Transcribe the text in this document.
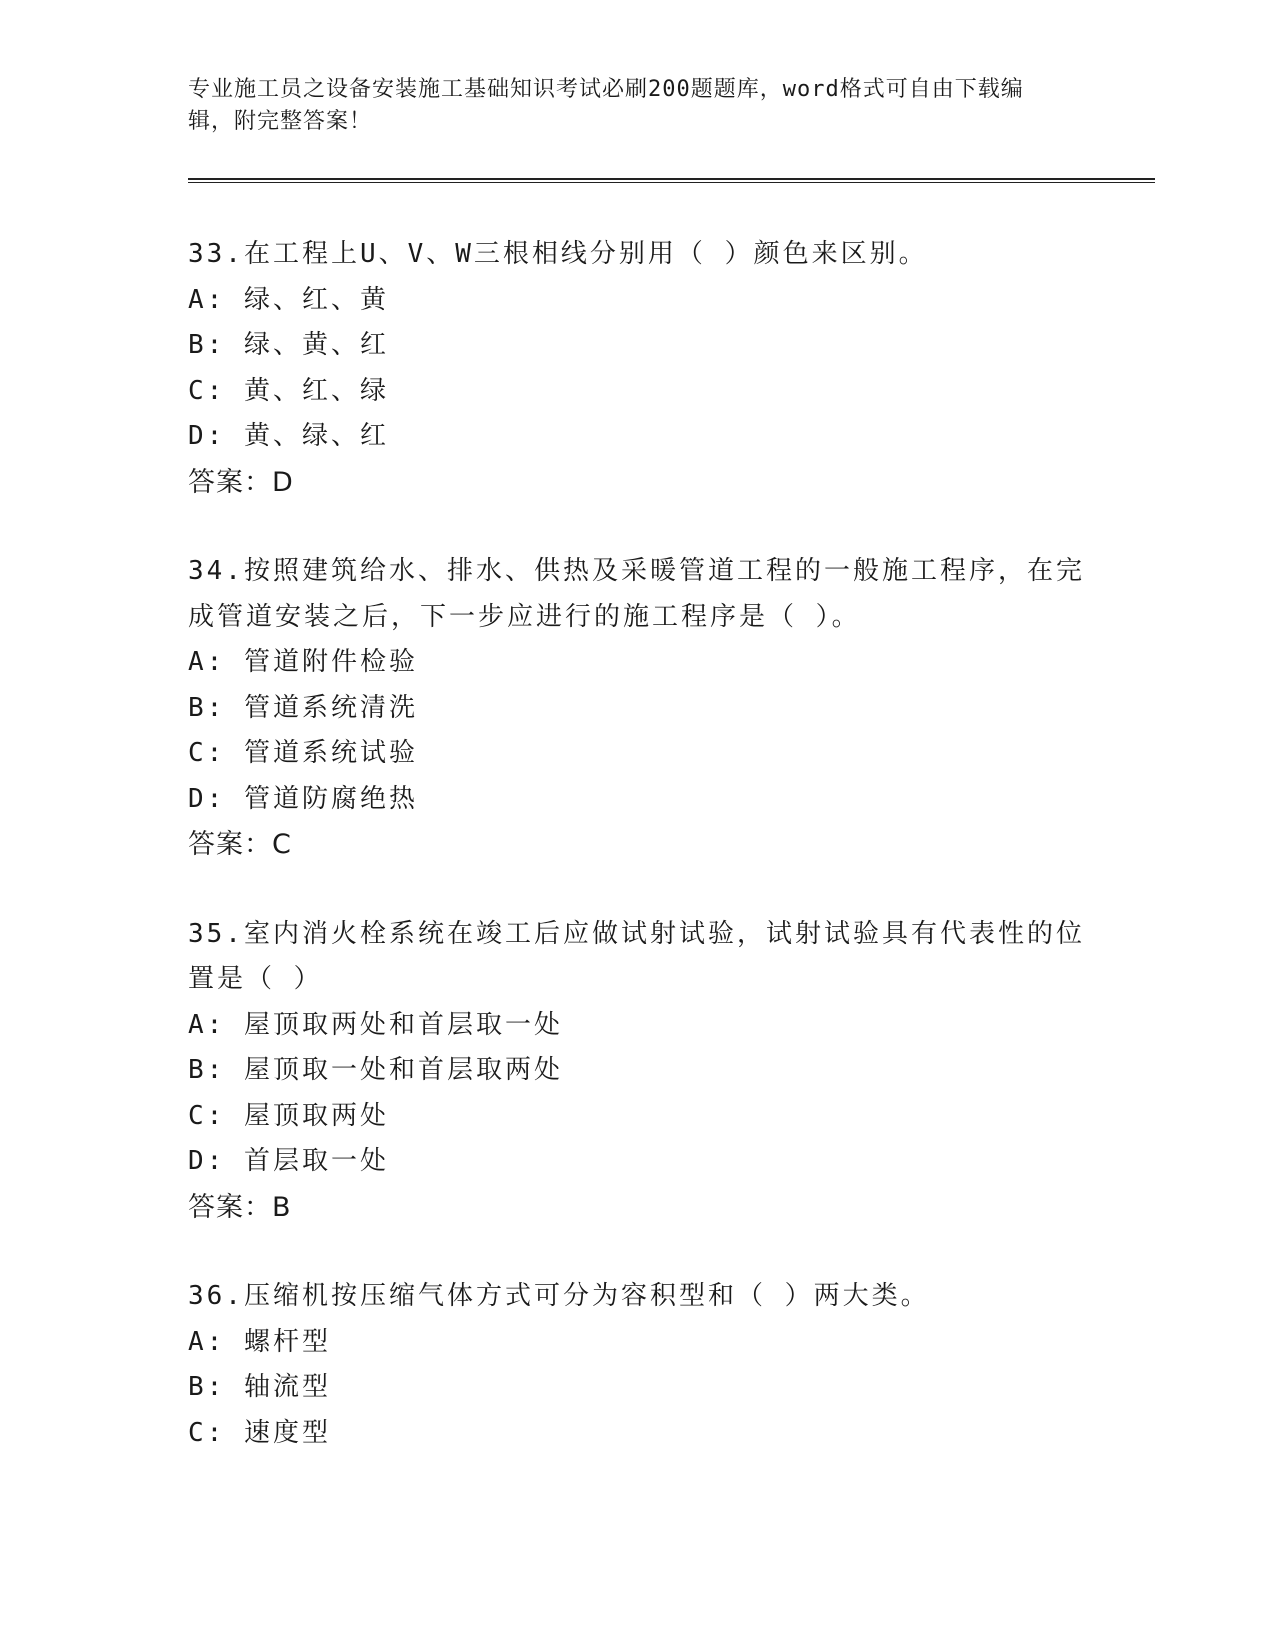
专业施工员之设备安装施工基础知识考试必刷200题题库，word格式可自由下载编辑，附完整答案！

33.在工程上U、V、W三根相线分别用（ ）颜色来区别。

A: 绿、红、黄

B: 绿、黄、红

C: 黄、红、绿

D: 黄、绿、红

答案：D

34.按照建筑给水、排水、供热及采暖管道工程的一般施工程序，在完成管道安装之后，下一步应进行的施工程序是（ ）。

A: 管道附件检验

B: 管道系统清洗

C: 管道系统试验

D: 管道防腐绝热

答案：C

35.室内消火栓系统在竣工后应做试射试验，试射试验具有代表性的位置是（ ）

A: 屋顶取两处和首层取一处

B: 屋顶取一处和首层取两处

C: 屋顶取两处

D: 首层取一处

答案：B

36.压缩机按压缩气体方式可分为容积型和（ ）两大类。

A: 螺杆型

B: 轴流型

C: 速度型
